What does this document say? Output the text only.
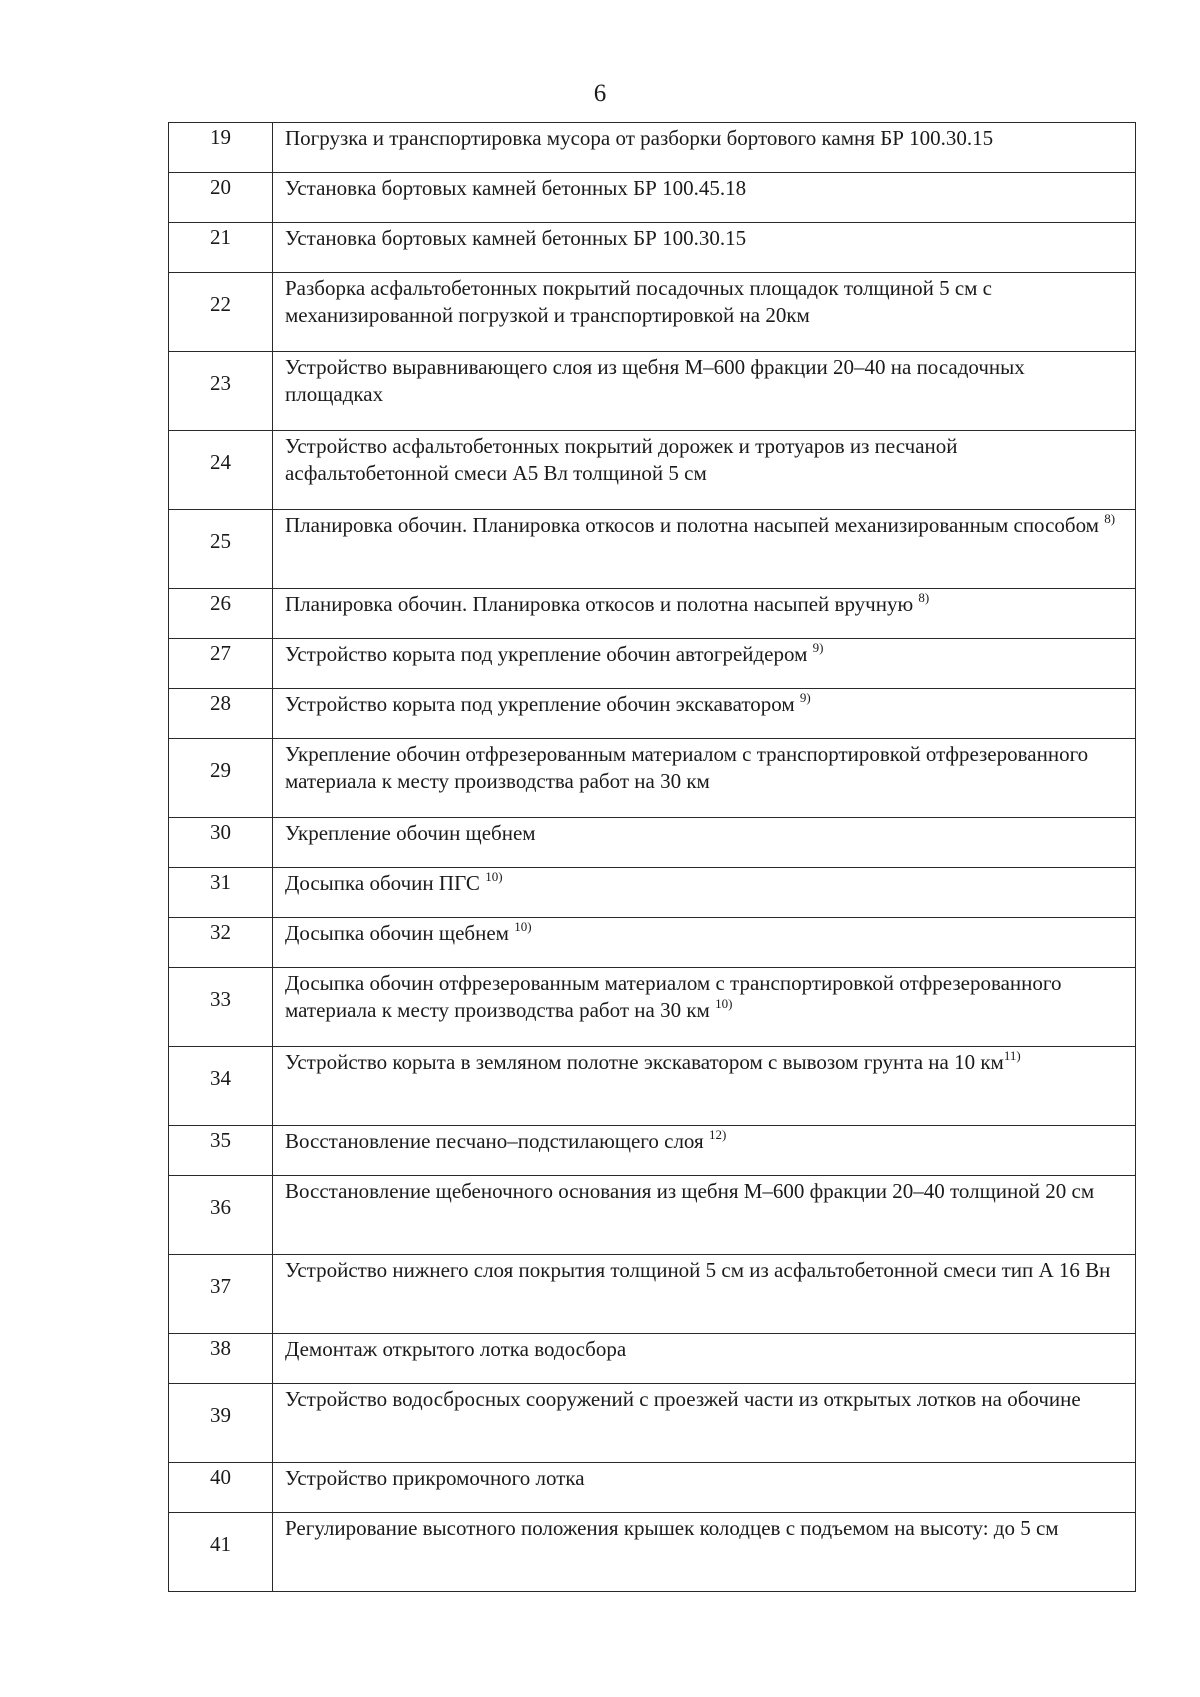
6
19	Погрузка и транспортировка мусора от разборки бортового камня БР 100.30.15

20	Установка бортовых камней бетонных БР 100.45.18

21	Установка бортовых камней бетонных БР 100.30.15

22	Разборка асфальтобетонных покрытий посадочных площадок толщиной 5 см с механизированной погрузкой и транспортировкой на 20км

23	Устройство выравнивающего слоя из щебня М–600 фракции 20–40 на посадочных площадках

24	Устройство асфальтобетонных покрытий дорожек и тротуаров из песчаной асфальтобетонной смеси А5 Вл толщиной 5 см

25	Планировка обочин. Планировка откосов и полотна насыпей механизированным способом $^{8)}$

26	Планировка обочин. Планировка откосов и полотна насыпей вручную $^{8)}$

27	Устройство корыта под укрепление обочин автогрейдером $^{9)}$

28	Устройство корыта под укрепление обочин экскаватором $^{9)}$

29	Укрепление обочин отфрезерованным материалом с транспортировкой отфрезерованного материала к месту производства работ на 30 км

30	Укрепление обочин щебнем

31	Досыпка обочин ПГС $^{10)}$

32	Досыпка обочин щебнем $^{10)}$

33	Досыпка обочин отфрезерованным материалом с транспортировкой отфрезерованного материала к месту производства работ на 30 км $^{10)}$

34	Устройство корыта в земляном полотне экскаватором с вывозом грунта на 10 $км^{11)}$

35	Восстановление песчано–подстилающего слоя $^{12)}$

36	Восстановление щебеночного основания из щебня М–600 фракции 20–40 толщиной 20 см

37	Устройство нижнего слоя покрытия толщиной 5 см из асфальтобетонной смеси тип А 16 Вн

38	Демонтаж открытого лотка водосбора

39	Устройство водосбросных сооружений с проезжей части из открытых лотков на обочине

40	Устройство прикромочного лотка

41	Регулирование высотного положения крышек колодцев с подъемом на высоту: до 5 см
